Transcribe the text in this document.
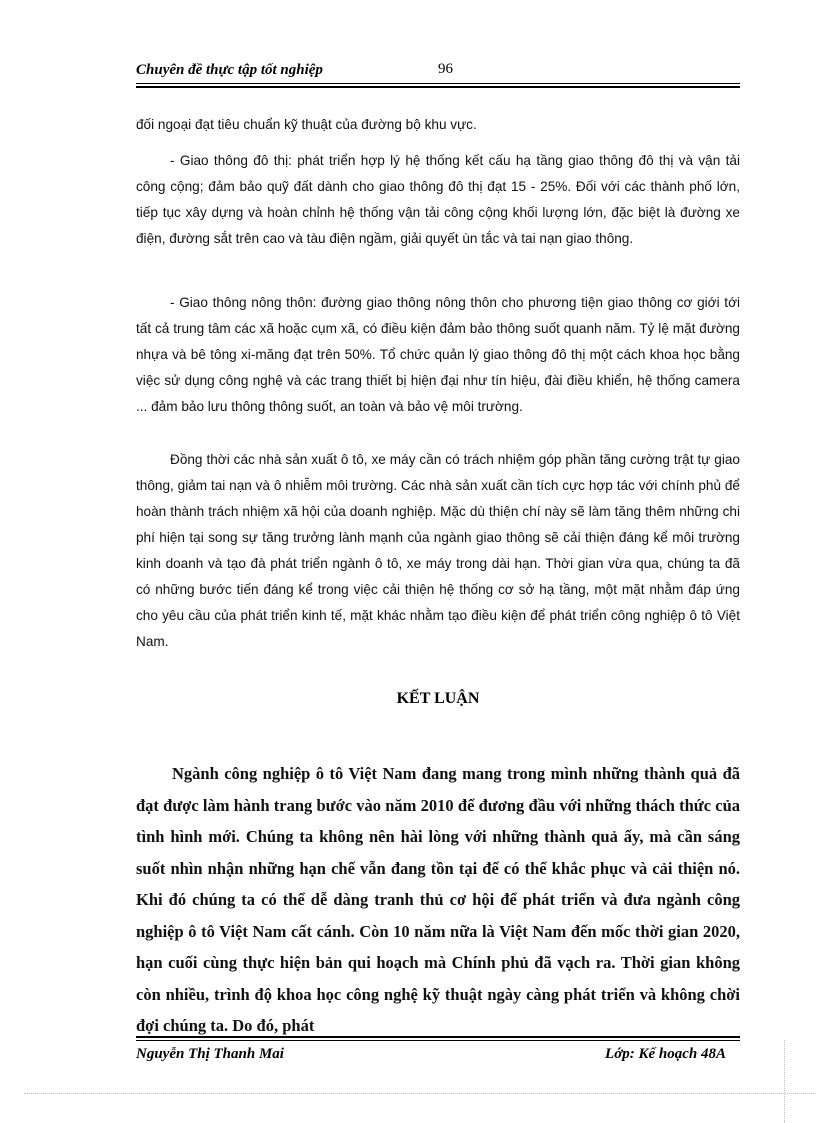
Chuyên đề thực tập tốt nghiệp	96

đối ngoại đạt tiêu chuẩn kỹ thuật của đường bộ khu vực.

- Giao thông đô thị: phát triển hợp lý hệ thống kết cấu hạ tầng giao thông đô thị và vận tải công cộng; đảm bảo quỹ đất dành cho giao thông đô thị đạt 15 - 25%. Đối với các thành phố lớn, tiếp tục xây dựng và hoàn chỉnh hệ thống vận tải công cộng khối lượng lớn, đặc biệt là đường xe điện, đường sắt trên cao và tàu điện ngầm, giải quyết ùn tắc và tai nạn giao thông.

- Giao thông nông thôn: đường giao thông nông thôn cho phương tiện giao thông cơ giới tới tất cả trung tâm các xã hoặc cụm xã, có điều kiện đảm bảo thông suốt quanh năm. Tỷ lệ mặt đường nhựa và bê tông xi-măng đạt trên 50%. Tổ chức quản lý giao thông đô thị một cách khoa học bằng việc sử dụng công nghệ và các trang thiết bị hiện đại như tín hiệu, đài điều khiển, hệ thống camera ... đảm bảo lưu thông thông suốt, an toàn và bảo vệ môi trường.

Đồng thời các nhà sản xuất ô tô, xe máy cần có trách nhiệm góp phần tăng cường trật tự giao thông, giảm tai nạn và ô nhiễm môi trường. Các nhà sản xuất cần tích cực hợp tác với chính phủ để hoàn thành trách nhiệm xã hội của doanh nghiệp. Mặc dù thiện chí này sẽ làm tăng thêm những chi phí hiện tại song sự tăng trưởng lành mạnh của ngành giao thông sẽ cải thiện đáng kể môi trường kinh doanh và tạo đà phát triển ngành ô tô, xe máy trong dài hạn. Thời gian vừa qua, chúng ta đã có những bước tiến đáng kể trong việc cải thiện hệ thống cơ sở hạ tầng, một mặt nhằm đáp ứng cho yêu cầu của phát triển kinh tế, mặt khác nhằm tạo điều kiện để phát triển công nghiệp ô tô Việt Nam.

KẾT LUẬN

Ngành công nghiệp ô tô Việt Nam đang mang trong mình những thành quả đã đạt được làm hành trang bước vào năm 2010 để đương đầu với những thách thức của tình hình mới. Chúng ta không nên hài lòng với những thành quả ấy, mà cần sáng suốt nhìn nhận những hạn chế vẫn đang tồn tại để có thể khắc phục và cải thiện nó. Khi đó chúng ta có thể dễ dàng tranh thủ cơ hội để phát triển và đưa ngành công nghiệp ô tô Việt Nam cất cánh. Còn 10 năm nữa là Việt Nam đến mốc thời gian 2020, hạn cuối cùng thực hiện bản qui hoạch mà Chính phủ đã vạch ra. Thời gian không còn nhiều, trình độ khoa học công nghệ kỹ thuật ngày càng phát triển và không chời đợi chúng ta. Do đó, phát

Nguyễn Thị Thanh Mai	Lớp: Kế hoạch 48A
